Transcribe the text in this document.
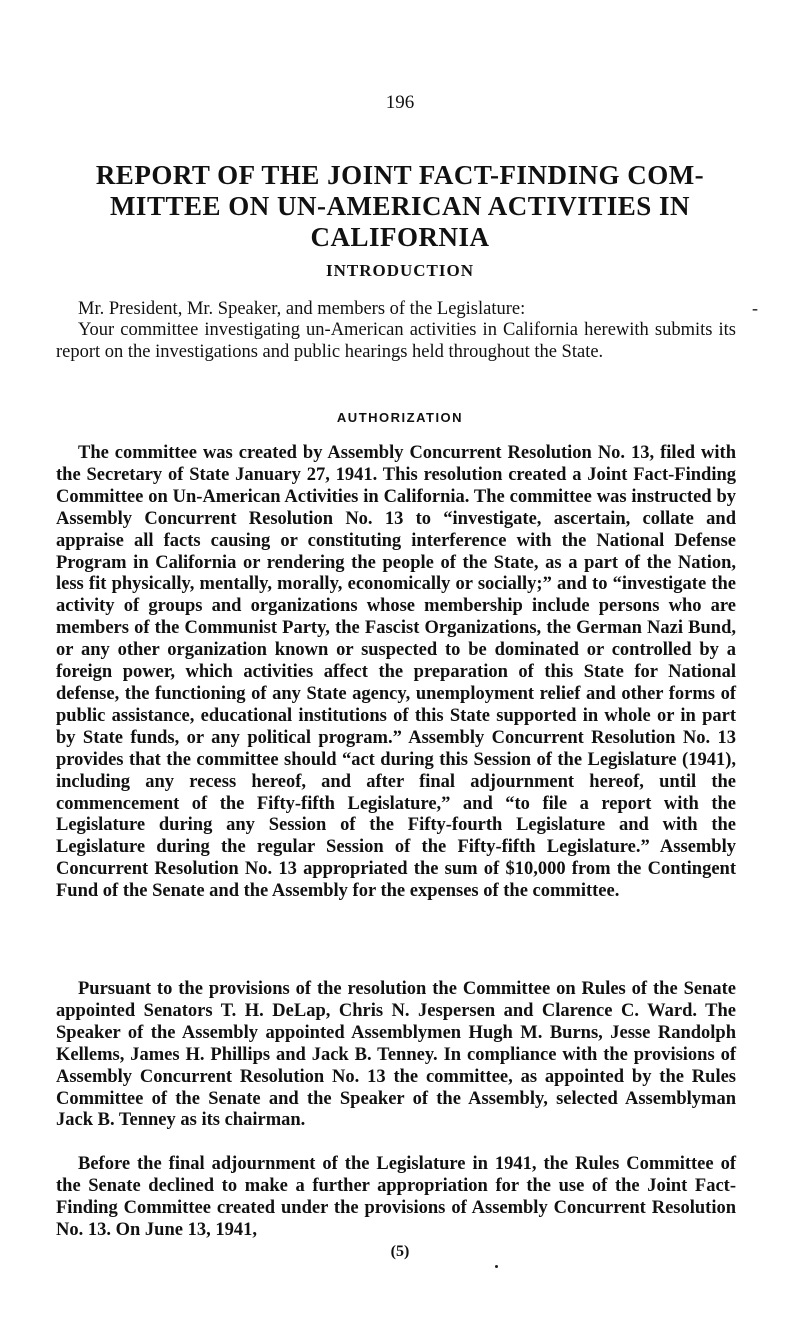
196
REPORT OF THE JOINT FACT-FINDING COM-MITTEE ON UN-AMERICAN ACTIVITIES IN CALIFORNIA
INTRODUCTION
Mr. President, Mr. Speaker, and members of the Legislature:	-

Your committee investigating un-American activities in California herewith submits its report on the investigations and public hearings held throughout the State.

AUTHORIZATION

The committee was created by Assembly Concurrent Resolution No. 13, filed with the Secretary of State January 27, 1941. This resolution created a Joint Fact-Finding Committee on Un-American Activities in California. The committee was instructed by Assembly Concurrent Resolution No. 13 to “investigate, ascertain, collate and appraise all facts causing or constituting interference with the National Defense Program in California or rendering the people of the State, as a part of the Nation, less fit physically, mentally, morally, economically or socially;” and to “investigate the activity of groups and organizations whose membership include persons who are members of the Communist Party, the Fascist Organizations, the German Nazi Bund, or any other organization known or suspected to be dominated or controlled by a foreign power, which activities affect the preparation of this State for National defense, the functioning of any State agency, unemployment relief and other forms of public assistance, educational institutions of this State supported in whole or in part by State funds, or any political program.” Assembly Concurrent Resolution No. 13 provides that the committee should “act during this Session of the Legislature (1941), including any recess hereof, and after final adjournment hereof, until the commencement of the Fifty-fifth Legislature,” and “to file a report with the Legislature during any Session of the Fifty-fourth Legislature and with the Legislature during the regular Session of the Fifty-fifth Legislature.” Assembly Concurrent Resolution No. 13 appropriated the sum of $10,000 from the Contingent Fund of the Senate and the Assembly for the expenses of the committee.

Pursuant to the provisions of the resolution the Committee on Rules of the Senate appointed Senators T. H. DeLap, Chris N. Jespersen and Clarence C. Ward. The Speaker of the Assembly appointed Assemblymen Hugh M. Burns, Jesse Randolph Kellems, James H. Phillips and Jack B. Tenney. In compliance with the provisions of Assembly Concurrent Resolution No. 13 the committee, as appointed by the Rules Committee of the Senate and the Speaker of the Assembly, selected Assemblyman Jack B. Tenney as its chairman.

Before the final adjournment of the Legislature in 1941, the Rules Committee of the Senate declined to make a further appropriation for the use of the Joint Fact-Finding Committee created under the provisions of Assembly Concurrent Resolution No. 13. On June 13, 1941,

(5)
